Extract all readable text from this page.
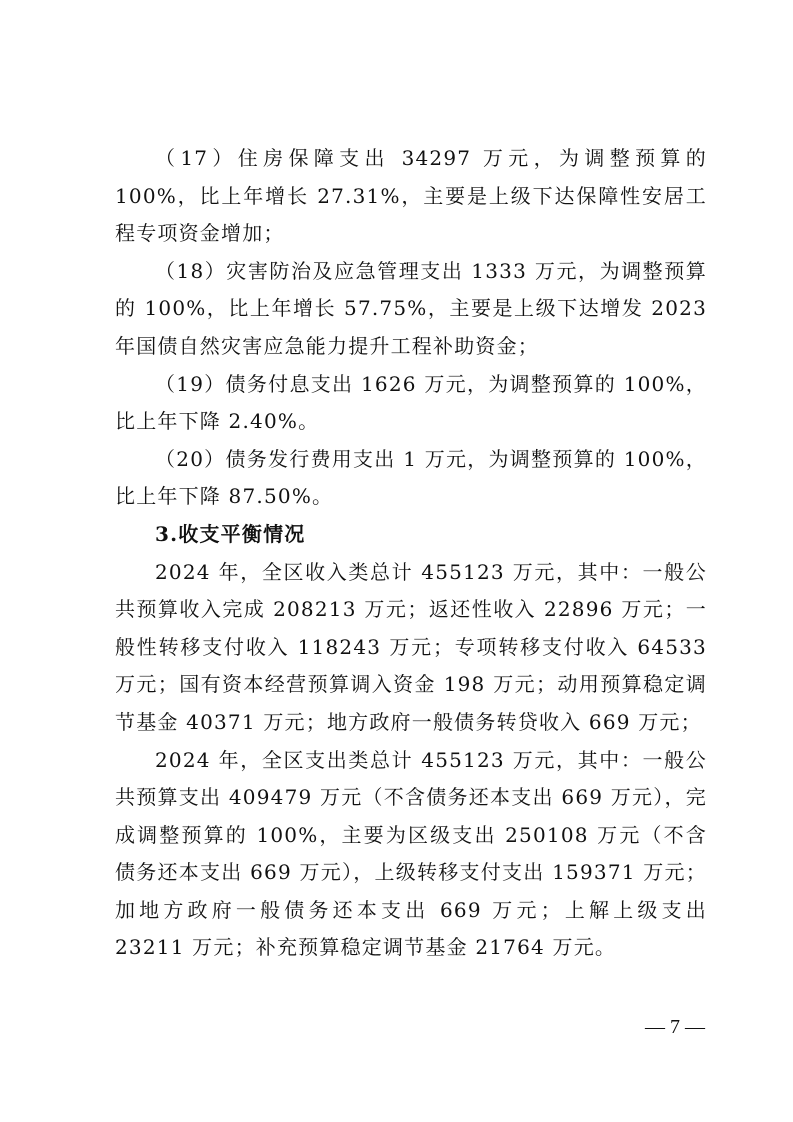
（17）住房保障支出 34297 万元，为调整预算的 100%，比上年增长 27.31%，主要是上级下达保障性安居工程专项资金增加；

（18）灾害防治及应急管理支出 1333 万元，为调整预算的 100%，比上年增长 57.75%，主要是上级下达增发 2023 年国债自然灾害应急能力提升工程补助资金；

（19）债务付息支出 1626 万元，为调整预算的 100%，比上年下降 2.40%。

（20）债务发行费用支出 1 万元，为调整预算的 100%，比上年下降 87.50%。

3.收支平衡情况

2024 年，全区收入类总计 455123 万元，其中：一般公共预算收入完成 208213 万元；返还性收入 22896 万元；一般性转移支付收入 118243 万元；专项转移支付收入 64533 万元；国有资本经营预算调入资金 198 万元；动用预算稳定调节基金 40371 万元；地方政府一般债务转贷收入 669 万元；

2024 年，全区支出类总计 455123 万元，其中：一般公共预算支出 409479 万元（不含债务还本支出 669 万元），完成调整预算的 100%，主要为区级支出 250108 万元（不含债务还本支出 669 万元），上级转移支付支出 159371 万元；加地方政府一般债务还本支出 669 万元；上解上级支出 23211 万元；补充预算稳定调节基金 21764 万元。

— 7 —
